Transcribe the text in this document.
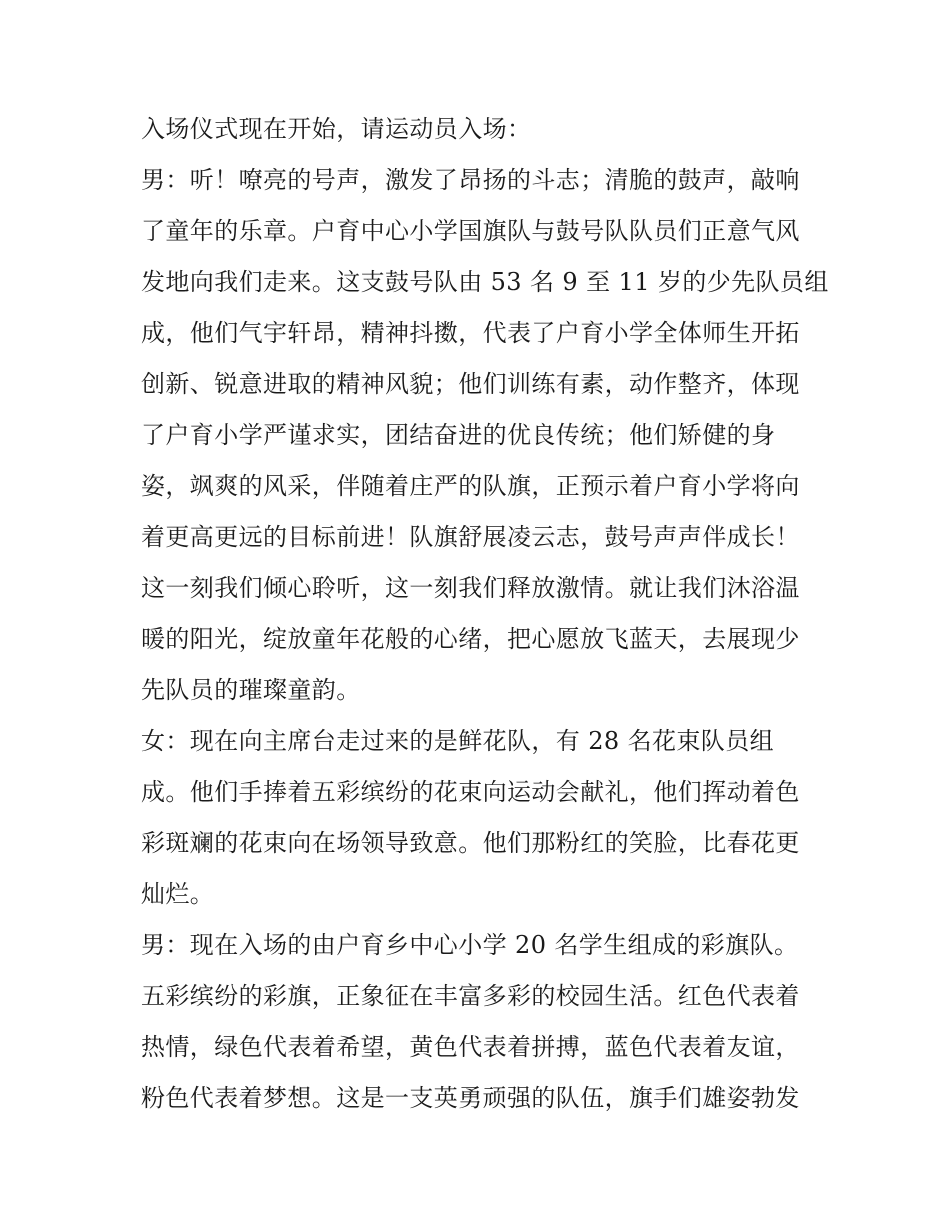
入场仪式现在开始，请运动员入场：
男：听！嘹亮的号声，激发了昂扬的斗志；清脆的鼓声，敲响
了童年的乐章。户育中心小学国旗队与鼓号队队员们正意气风
发地向我们走来。这支鼓号队由 53 名 9 至 11 岁的少先队员组
成，他们气宇轩昂，精神抖擞，代表了户育小学全体师生开拓
创新、锐意进取的精神风貌；他们训练有素，动作整齐，体现
了户育小学严谨求实，团结奋进的优良传统；他们矫健的身
姿，飒爽的风采，伴随着庄严的队旗，正预示着户育小学将向
着更高更远的目标前进！队旗舒展凌云志，鼓号声声伴成长！
这一刻我们倾心聆听，这一刻我们释放激情。就让我们沐浴温
暖的阳光，绽放童年花般的心绪，把心愿放飞蓝天，去展现少
先队员的璀璨童韵。
女：现在向主席台走过来的是鲜花队，有 28 名花束队员组
成。他们手捧着五彩缤纷的花束向运动会献礼，他们挥动着色
彩斑斓的花束向在场领导致意。他们那粉红的笑脸，比春花更
灿烂。
男：现在入场的由户育乡中心小学 20 名学生组成的彩旗队。
五彩缤纷的彩旗，正象征在丰富多彩的校园生活。红色代表着
热情，绿色代表着希望，黄色代表着拼搏，蓝色代表着友谊，
粉色代表着梦想。这是一支英勇顽强的队伍，旗手们雄姿勃发
